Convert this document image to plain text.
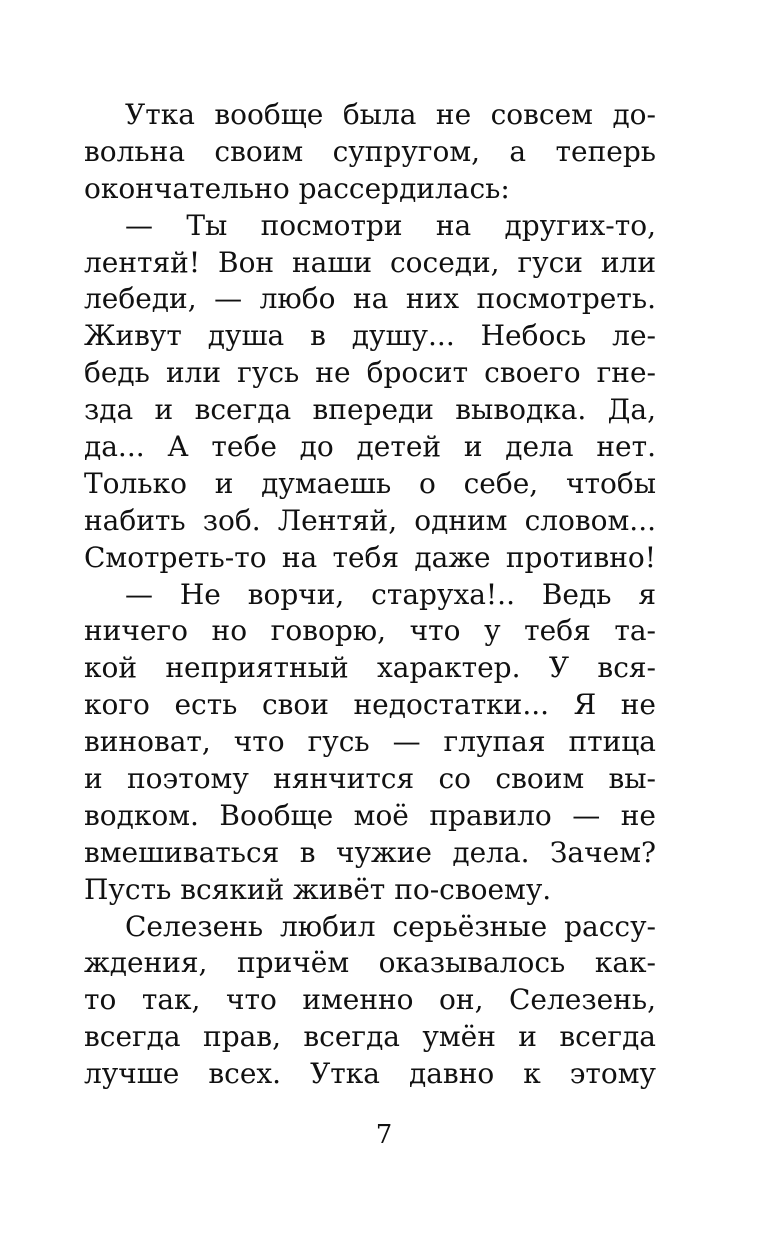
Утка вообще была не совсем до-
вольна своим супругом, а теперь
окончательно рассердилась:

— Ты посмотри на других-то,
лентяй! Вон наши соседи, гуси или
лебеди, — любо на них посмотреть.
Живут душа в душу... Небось ле-
бедь или гусь не бросит своего гне-
зда и всегда впереди выводка. Да,
да... А тебе до детей и дела нет.
Только и думаешь о себе, чтобы
набить зоб. Лентяй, одним словом...
Смотреть-то на тебя даже противно!

— Не ворчи, старуха!.. Ведь я
ничего но говорю, что у тебя та-
кой неприятный характер. У вся-
кого есть свои недостатки... Я не
виноват, что гусь — глупая птица
и поэтому нянчится со своим вы-
водком. Вообще моё правило — не
вмешиваться в чужие дела. Зачем?
Пусть всякий живёт по-своему.

Селезень любил серьёзные рассу-
ждения, причём оказывалось как-
то так, что именно он, Селезень,
всегда прав, всегда умён и всегда
лучше всех. Утка давно к этому

7
